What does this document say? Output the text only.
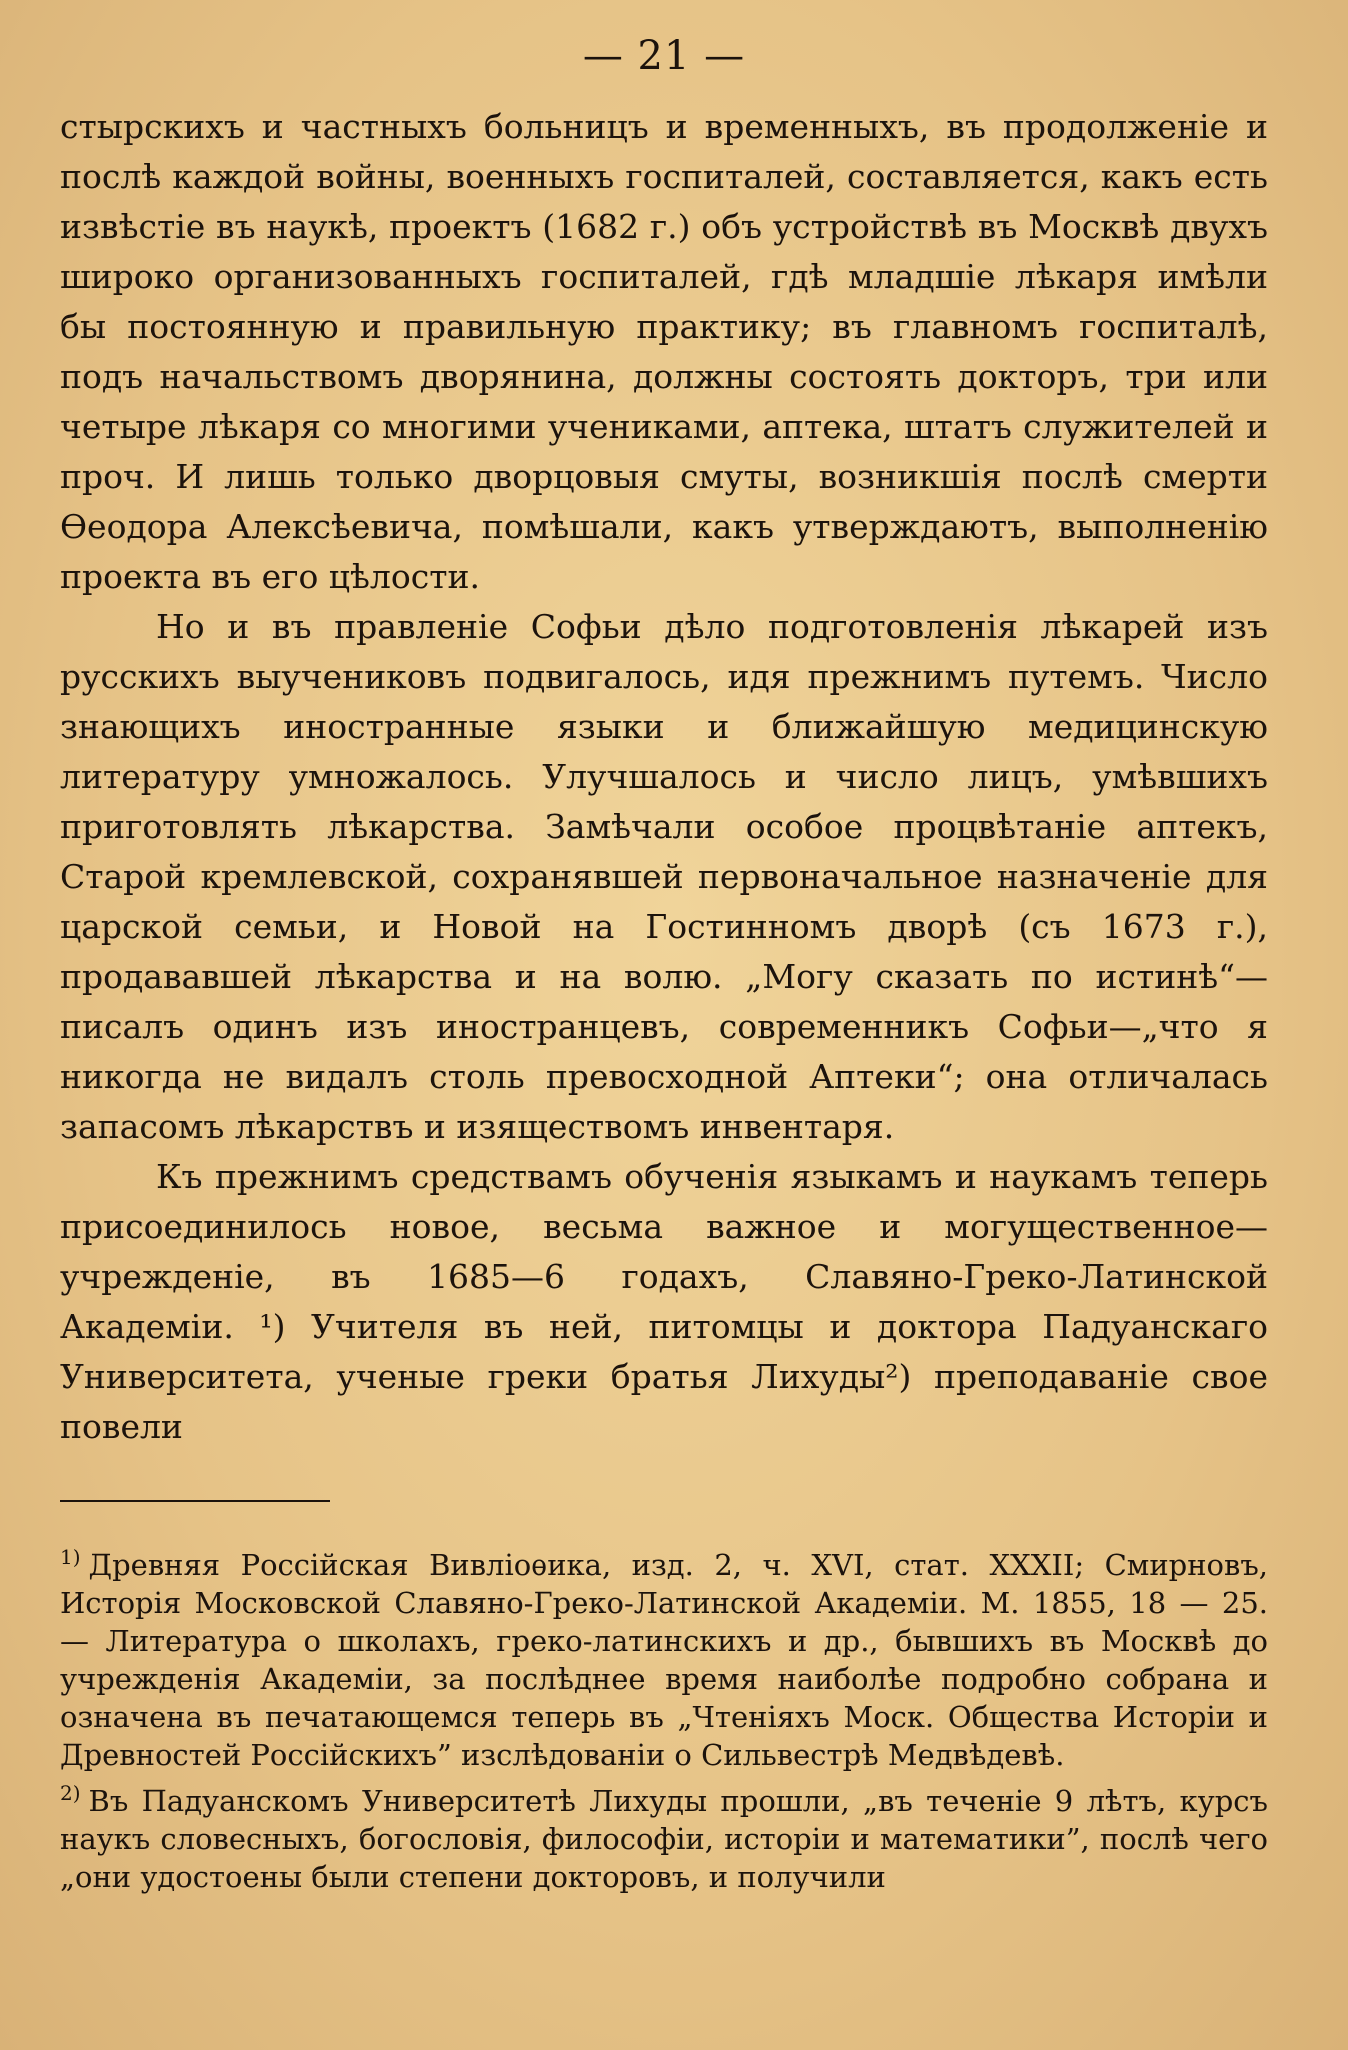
— 21 —

стырскихъ и частныхъ больницъ и временныхъ, въ продолженіе и послѣ каждой войны, военныхъ госпиталей, составляется, какъ есть извѣстіе въ наукѣ, проектъ (1682 г.) объ устройствѣ въ Москвѣ двухъ широко организованныхъ госпиталей, гдѣ младшіе лѣкаря имѣли бы постоянную и правильную практику; въ главномъ госпиталѣ, подъ начальствомъ дворянина, должны состоять докторъ, три или четыре лѣкаря со многими учениками, аптека, штатъ служителей и проч. И лишь только дворцовыя смуты, возникшія послѣ смерти Ѳеодора Алексѣевича, помѣшали, какъ утверждаютъ, выполненію проекта въ его цѣлости.

Но и въ правленіе Софьи дѣло подготовленія лѣкарей изъ русскихъ выучениковъ подвигалось, идя прежнимъ путемъ. Число знающихъ иностранные языки и ближайшую медицинскую литературу умножалось. Улучшалось и число лицъ, умѣвшихъ приготовлять лѣкарства. Замѣчали особое процвѣтаніе аптекъ, Старой кремлевской, сохранявшей первоначальное назначеніе для царской семьи, и Новой на Гостинномъ дворѣ (съ 1673 г.), продававшей лѣкарства и на волю. „Могу сказать по истинѣ“—писалъ одинъ изъ иностранцевъ, современникъ Софьи—„что я никогда не видалъ столь превосходной Аптеки“; она отличалась запасомъ лѣкарствъ и изяществомъ инвентаря.

Къ прежнимъ средствамъ обученія языкамъ и наукамъ теперь присоединилось новое, весьма важное и могущественное—учрежденіе, въ 1685—6 годахъ, Славяно-Греко-Латинской Академіи. ¹) Учителя въ ней, питомцы и доктора Падуанскаго Университета, ученые греки братья Лихуды²) преподаваніе свое повели

$^{1)}$ Древняя Россійская Вивліоѳика, изд. 2, ч. XVI, стат. XXXII; Смирновъ, Исторія Московской Славяно-Греко-Латинской Академіи. М. 1855, 18 — 25. — Литература о школахъ, греко-латинскихъ и др., бывшихъ въ Москвѣ до учрежденія Академіи, за послѣднее время наиболѣе подробно собрана и означена въ печатающемся теперь въ „Чтеніяхъ Моск. Общества Исторіи и Древностей Россійскихъ” изслѣдованіи о Сильвестрѣ Медвѣдевѣ.

$^{2)}$ Въ Падуанскомъ Университетѣ Лихуды прошли, „въ теченіе 9 лѣтъ, курсъ наукъ словесныхъ, богословія, философіи, исторіи и математики”, послѣ чего „они удостоены были степени докторовъ, и получили
